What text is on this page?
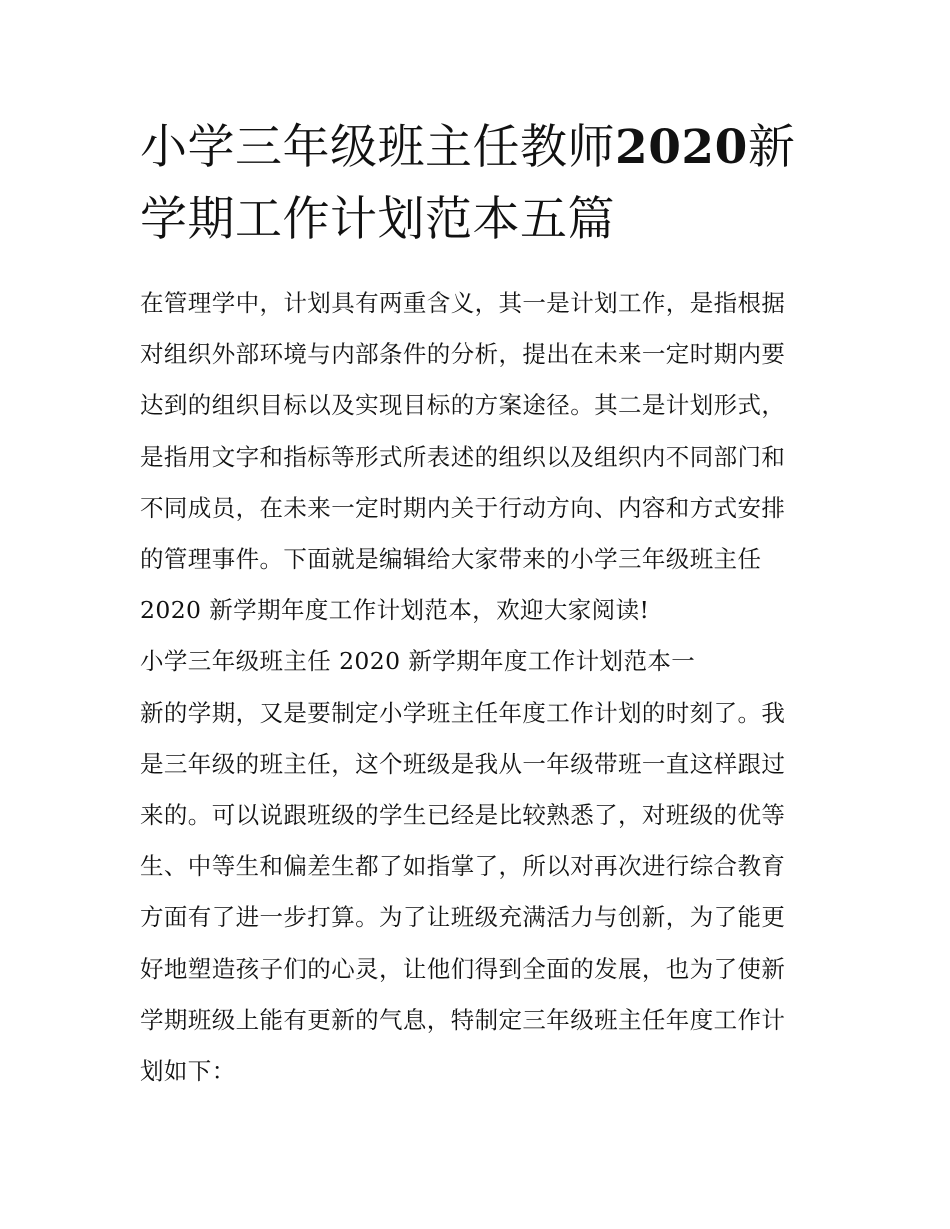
小学三年级班主任教师2020新
学期工作计划范本五篇

在管理学中，计划具有两重含义，其一是计划工作，是指根据
对组织外部环境与内部条件的分析，提出在未来一定时期内要
达到的组织目标以及实现目标的方案途径。其二是计划形式，
是指用文字和指标等形式所表述的组织以及组织内不同部门和
不同成员，在未来一定时期内关于行动方向、内容和方式安排
的管理事件。下面就是编辑给大家带来的小学三年级班主任
2020 新学期年度工作计划范本，欢迎大家阅读!

小学三年级班主任 2020 新学期年度工作计划范本一

新的学期，又是要制定小学班主任年度工作计划的时刻了。我
是三年级的班主任，这个班级是我从一年级带班一直这样跟过
来的。可以说跟班级的学生已经是比较熟悉了，对班级的优等
生、中等生和偏差生都了如指掌了，所以对再次进行综合教育
方面有了进一步打算。为了让班级充满活力与创新，为了能更
好地塑造孩子们的心灵，让他们得到全面的发展，也为了使新
学期班级上能有更新的气息，特制定三年级班主任年度工作计
划如下：
